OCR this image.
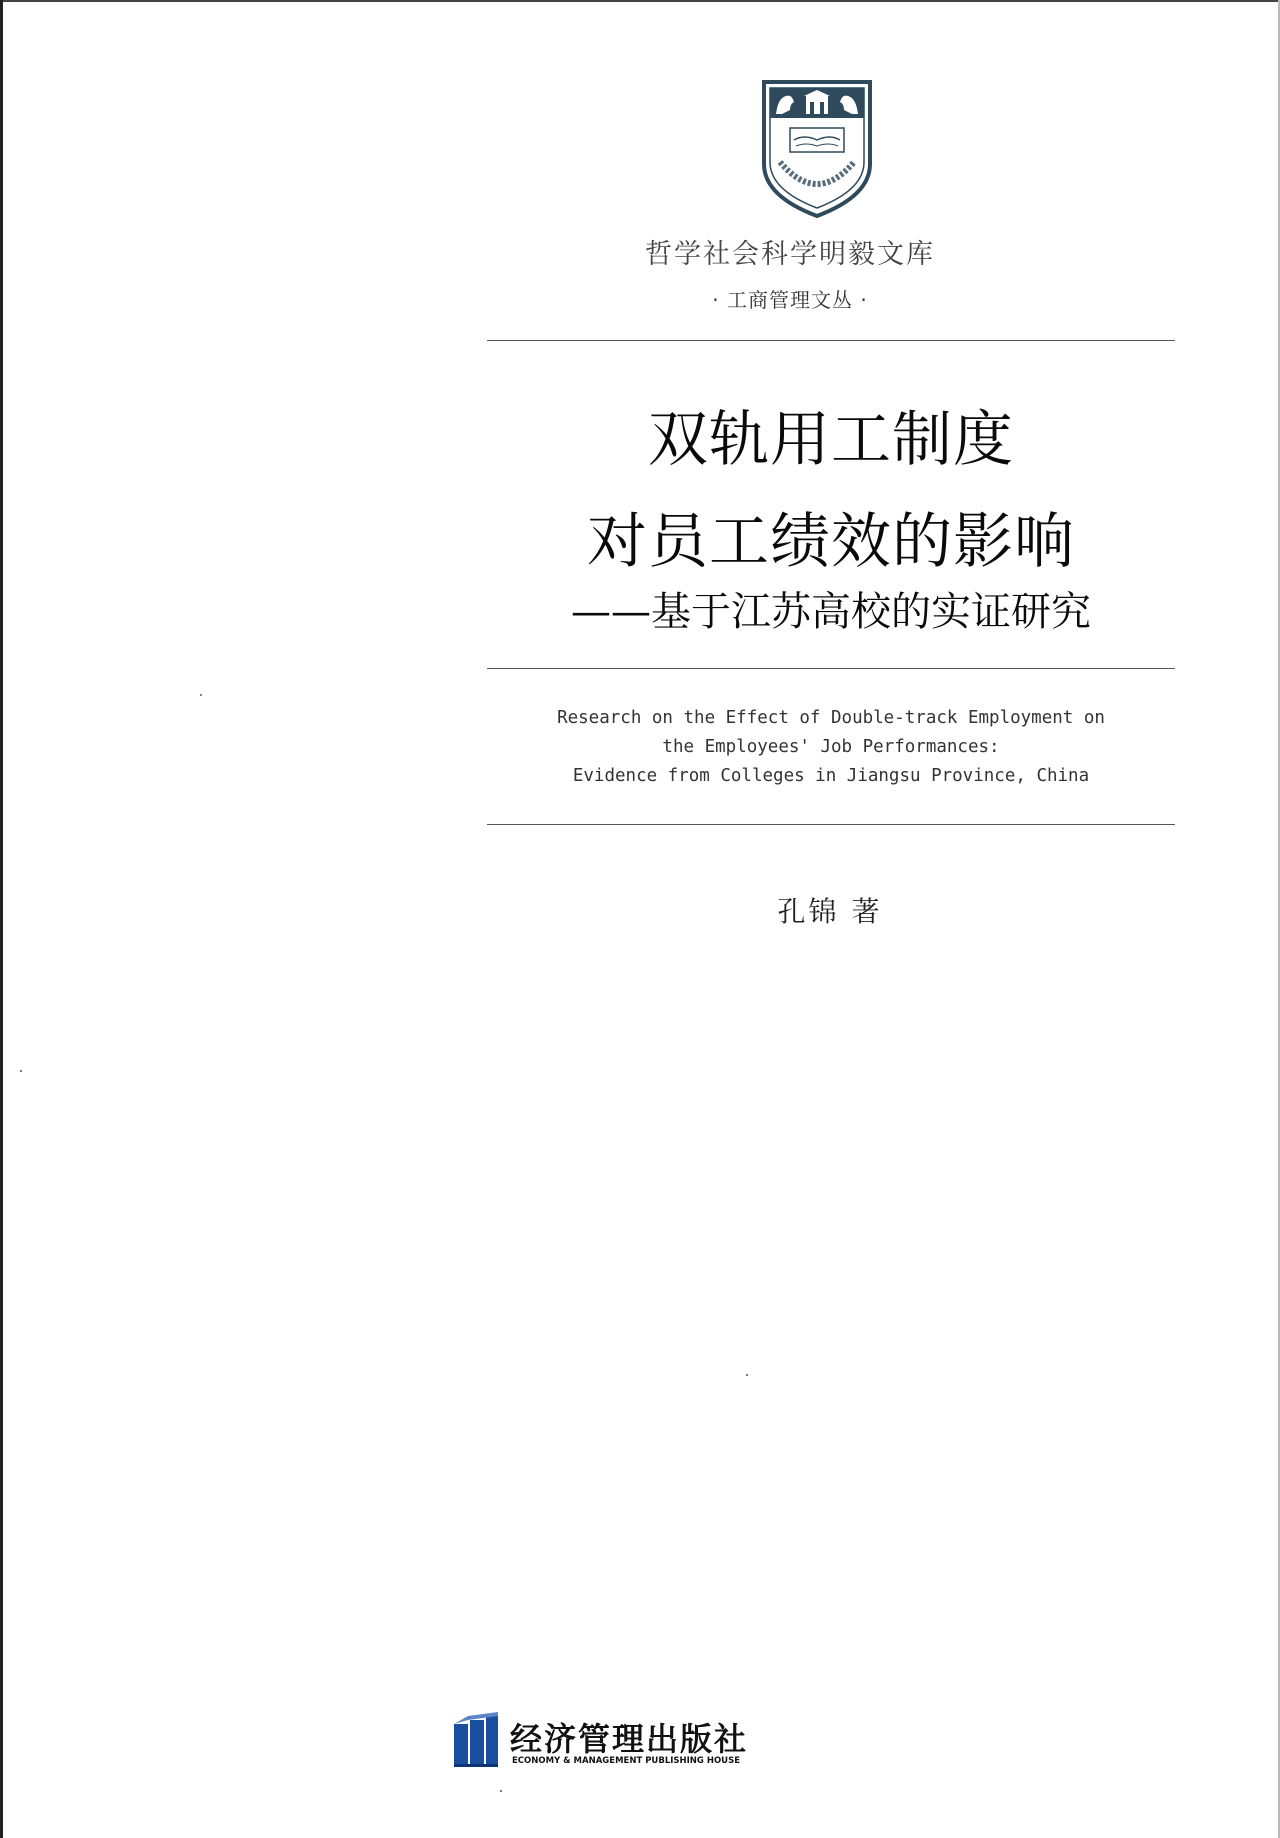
哲学社会科学明毅文库
· 工商管理文丛 ·
双轨用工制度
对员工绩效的影响
——基于江苏高校的实证研究
Research on the Effect of Double-track Employment on
the Employees' Job Performances:
Evidence from Colleges in Jiangsu Province, China
孔锦 著
经济管理出版社
ECONOMY & MANAGEMENT PUBLISHING HOUSE
